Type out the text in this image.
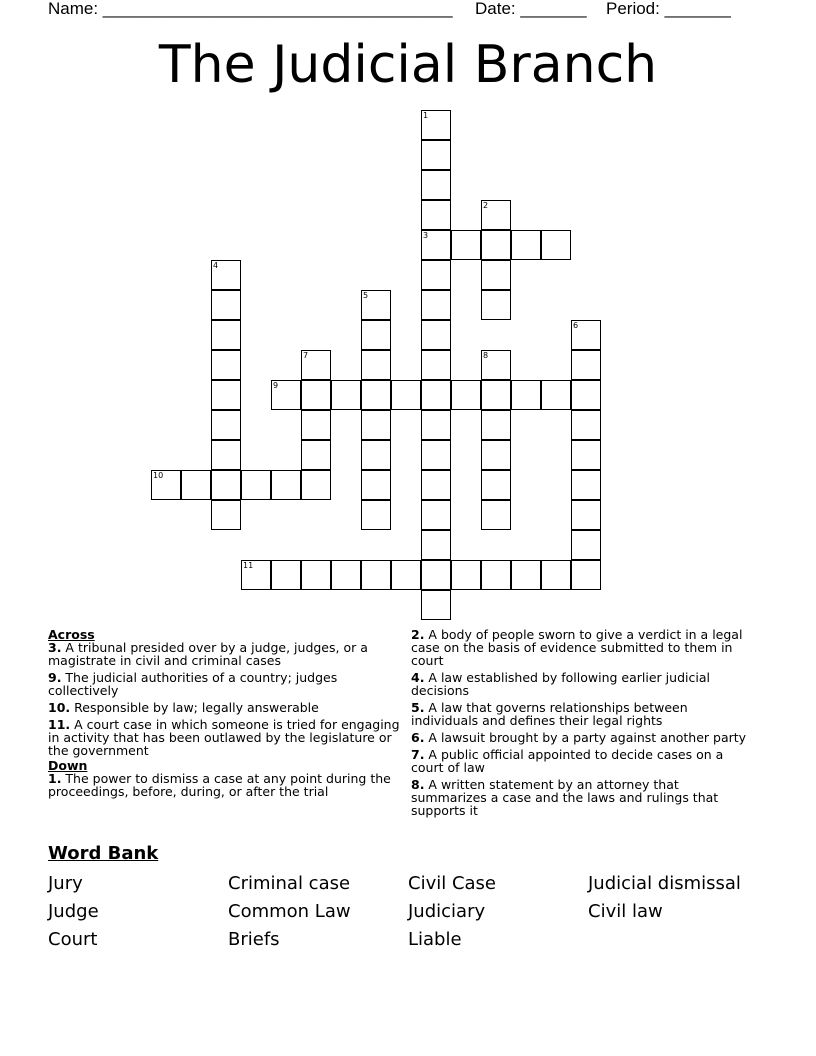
Name: _____________________________________

Date: _______

Period: _______

The Judicial Branch
1
3
2
4
5
6
7	8
9
10
11

Across

3. A tribunal presided over by a judge, judges, or a magistrate in civil and criminal cases

9. The judicial authorities of a country; judges collectively

10. Responsible by law; legally answerable

11. A court case in which someone is tried for engaging in activity that has been outlawed by the legislature or the government

Down

1. The power to dismiss a case at any point during the proceedings, before, during, or after the trial

2. A body of people sworn to give a verdict in a legal case on the basis of evidence submitted to them in court

4. A law established by following earlier judicial decisions

5. A law that governs relationships between individuals and defines their legal rights

6. A lawsuit brought by a party against another party

7. A public official appointed to decide cases on a court of law

8. A written statement by an attorney that summarizes a case and the laws and rulings that supports it

Word Bank
Jury	Criminal case	Civil Case	Judicial dismissal
Judge	Common Law	Judiciary	Civil law
Court	Briefs	Liable
